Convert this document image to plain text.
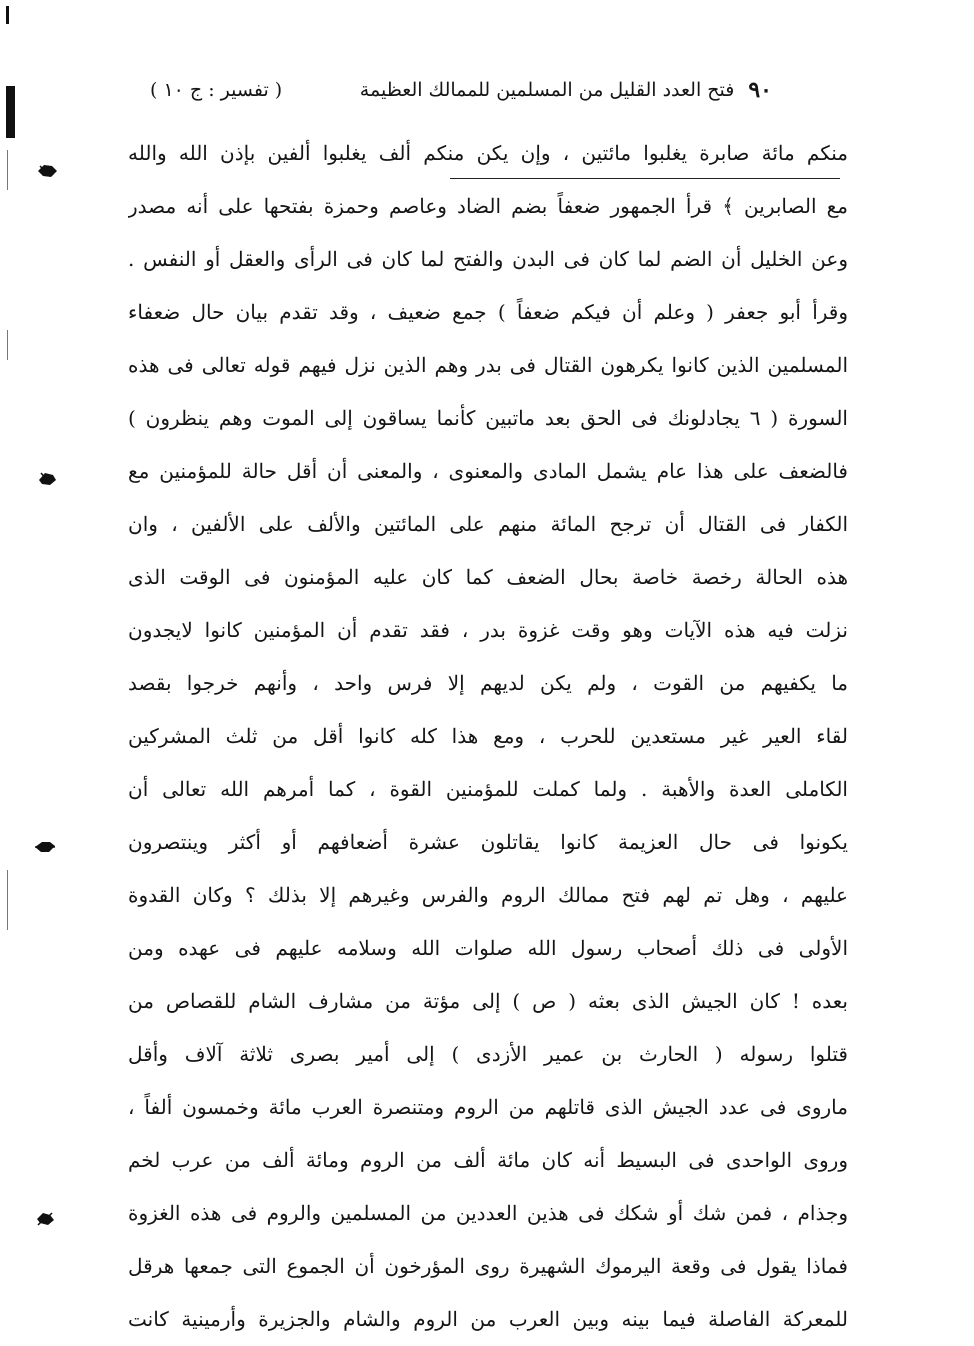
٩٠
فتح العدد القليل من المسلمين للممالك العظيمة
( تفسير : ج ١٠ )
منكم مائة صابرة يغلبوا مائتين ، وإن يكن منكم ألف يغلبوا ألفين بإذن الله والله
مع الصابرين ﴾ قرأ الجمهور ضعفاً بضم الضاد وعاصم وحمزة بفتحها على أنه مصدر
وعن الخليل أن الضم لما كان فى البدن والفتح لما كان فى الرأى والعقل أو النفس .
وقرأ أبو جعفر ( وعلم أن فيكم ضعفاً ) جمع ضعيف ، وقد تقدم بيان حال ضعفاء
المسلمين الذين كانوا يكرهون القتال فى بدر وهم الذين نزل فيهم قوله تعالى فى هذه
السورة ( ٦ يجادلونك فى الحق بعد ماتبين كأنما يساقون إلى الموت وهم ينظرون )
فالضعف على هذا عام يشمل المادى والمعنوى ، والمعنى أن أقل حالة للمؤمنين مع
الكفار فى القتال أن ترجح المائة منهم على المائتين والألف على الألفين ، وان
هذه الحالة رخصة خاصة بحال الضعف كما كان عليه المؤمنون فى الوقت الذى
نزلت فيه هذه الآيات وهو وقت غزوة بدر ، فقد تقدم أن المؤمنين كانوا لايجدون
ما يكفيهم من القوت ، ولم يكن لديهم إلا فرس واحد ، وأنهم خرجوا بقصد
لقاء العير غير مستعدين للحرب ، ومع هذا كله كانوا أقل من ثلث المشركين
الكاملى العدة والأهبة . ولما كملت للمؤمنين القوة ، كما أمرهم الله تعالى أن
يكونوا فى حال العزيمة كانوا يقاتلون عشرة أضعافهم أو أكثر وينتصرون
عليهم ، وهل تم لهم فتح ممالك الروم والفرس وغيرهم إلا بذلك ؟ وكان القدوة
الأولى فى ذلك أصحاب رسول الله صلوات الله وسلامه عليهم فى عهده ومن
بعده ! كان الجيش الذى بعثه ( ص ) إلى مؤتة من مشارف الشام للقصاص من
قتلوا رسوله ( الحارث بن عمير الأزدى ) إلى أمير بصرى ثلاثة آلاف وأقل
ماروى فى عدد الجيش الذى قاتلهم من الروم ومتنصرة العرب مائة وخمسون ألفاً ،
وروى الواحدى فى البسيط أنه كان مائة ألف من الروم ومائة ألف من عرب لخم
وجذام ، فمن شك أو شكك فى هذين العددين من المسلمين والروم فى هذه الغزوة
فماذا يقول فى وقعة اليرموك الشهيرة روى المؤرخون أن الجموع التى جمعها هرقل
للمعركة الفاصلة فيما بينه وبين العرب من الروم والشام والجزيرة وأرمينية كانت
